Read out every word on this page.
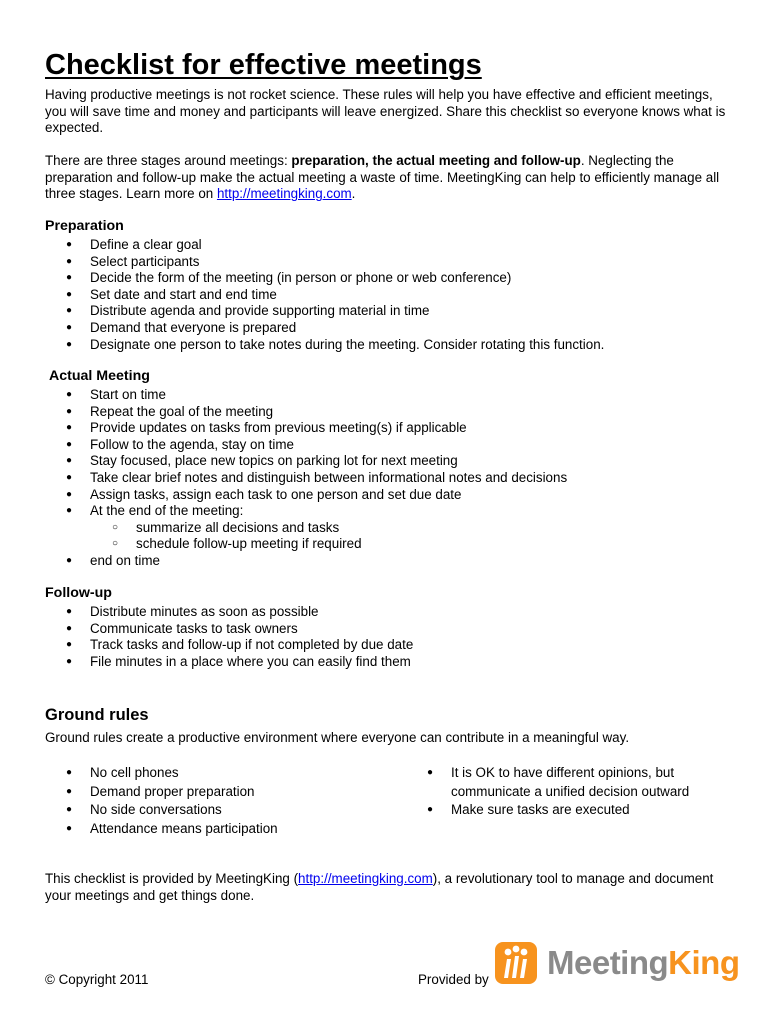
Checklist for effective meetings

Having productive meetings is not rocket science. These rules will help you have effective and efficient meetings, you will save time and money and participants will leave energized. Share this checklist so everyone knows what is expected.

There are three stages around meetings: preparation, the actual meeting and follow-up. Neglecting the preparation and follow-up make the actual meeting a waste of time. MeetingKing can help to efficiently manage all three stages. Learn more on http://meetingking.com.

Preparation
● Define a clear goal
● Select participants
● Decide the form of the meeting (in person or phone or web conference)
● Set date and start and end time
● Distribute agenda and provide supporting material in time
● Demand that everyone is prepared
● Designate one person to take notes during the meeting. Consider rotating this function.
Actual Meeting
● Start on time
● Repeat the goal of the meeting
● Provide updates on tasks from previous meeting(s) if applicable
● Follow to the agenda, stay on time
● Stay focused, place new topics on parking lot for next meeting
● Take clear brief notes and distinguish between informational notes and decisions
● Assign tasks, assign each task to one person and set due date
● At the end of the meeting:
○ summarize all decisions and tasks
○ schedule follow-up meeting if required
● end on time
Follow-up
● Distribute minutes as soon as possible
● Communicate tasks to task owners
● Track tasks and follow-up if not completed by due date
● File minutes in a place where you can easily find them
Ground rules

Ground rules create a productive environment where everyone can contribute in a meaningful way.

● No cell phones
● Demand proper preparation
● No side conversations
● Attendance means participation
● It is OK to have different opinions, but communicate a unified decision outward
● Make sure tasks are executed

This checklist is provided by MeetingKing (http://meetingking.com), a revolutionary tool to manage and document your meetings and get things done.

© Copyright 2011	Provided by MeetingKing
